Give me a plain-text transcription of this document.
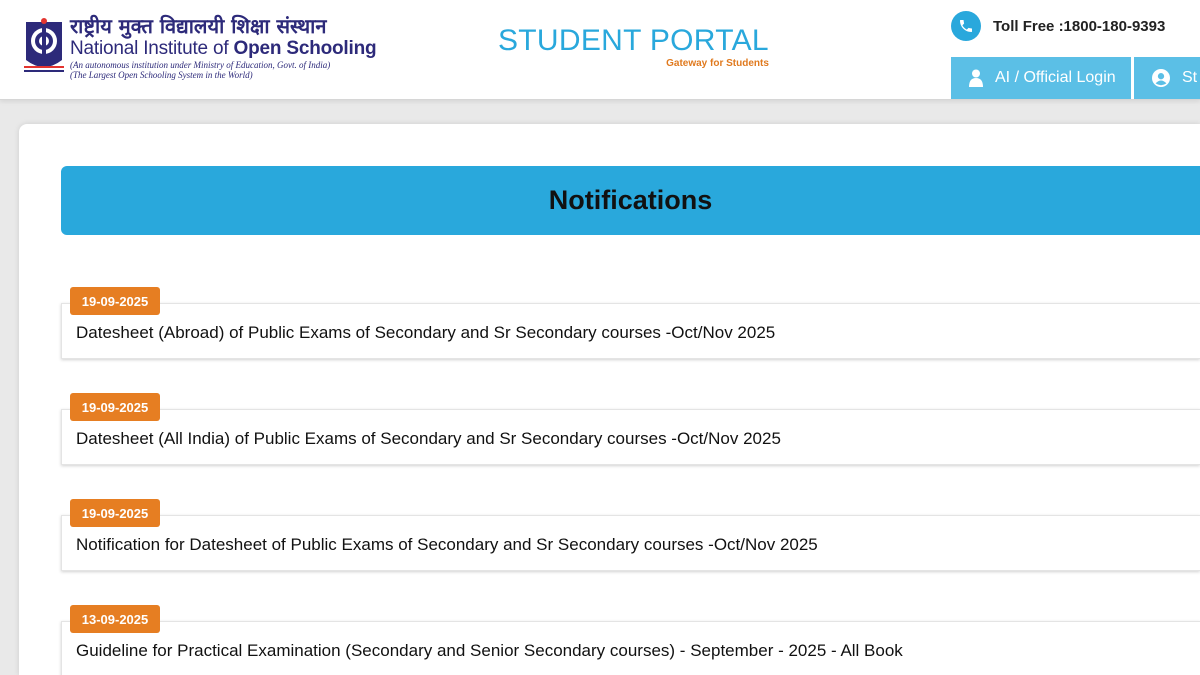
राष्ट्रीय मुक्त विद्यालयी शिक्षा संस्थान
National Institute of Open Schooling
(An autonomous institution under Ministry of Education, Govt. of India)
(The Largest Open Schooling System in the World)
STUDENT PORTAL
Gateway for Students
Toll Free :1800-180-9393
AI / Official Login	St
Notifications
Datesheet (Abroad) of Public Exams of Secondary and Sr Secondary courses -Oct/Nov 2025
19-09-2025
Datesheet (All India) of Public Exams of Secondary and Sr Secondary courses -Oct/Nov 2025
19-09-2025
Notification for Datesheet of Public Exams of Secondary and Sr Secondary courses -Oct/Nov 2025
19-09-2025
Guideline for Practical Examination (Secondary and Senior Secondary courses) - September - 2025 - All Book
13-09-2025
